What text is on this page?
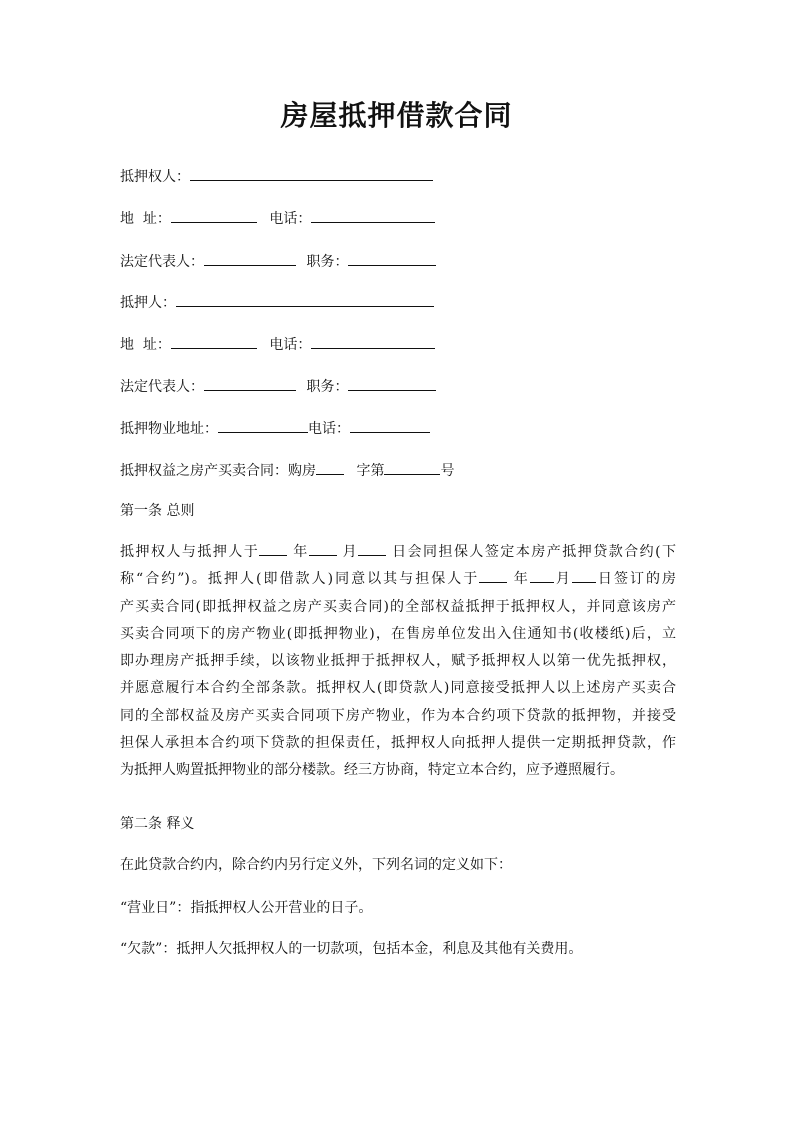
房屋抵押借款合同
抵押权人：
地  址：	电话：
法定代表人：	职务：
抵押人：
地  址：	电话：
法定代表人：	职务：
抵押物业地址：	电话：
抵押权益之房产买卖合同：购房	字第	号
第一条 总则
抵押权人与抵押人于 年 月 日会同担保人签定本房产抵押贷款合约(下
称“合约”)。抵押人(即借款人)同意以其与担保人于 年 月 日签订的房
产买卖合同(即抵押权益之房产买卖合同)的全部权益抵押于抵押权人，并同意该房产
买卖合同项下的房产物业(即抵押物业)，在售房单位发出入住通知书(收楼纸)后，立
即办理房产抵押手续，以该物业抵押于抵押权人，赋予抵押权人以第一优先抵押权，
并愿意履行本合约全部条款。抵押权人(即贷款人)同意接受抵押人以上述房产买卖合
同的全部权益及房产买卖合同项下房产物业，作为本合约项下贷款的抵押物，并接受
担保人承担本合约项下贷款的担保责任，抵押权人向抵押人提供一定期抵押贷款，作
为抵押人购置抵押物业的部分楼款。经三方协商，特定立本合约，应予遵照履行。
第二条 释义
在此贷款合约内，除合约内另行定义外，下列名词的定义如下：
“营业日”：指抵押权人公开营业的日子。
“欠款”：抵押人欠抵押权人的一切款项，包括本金，利息及其他有关费用。
